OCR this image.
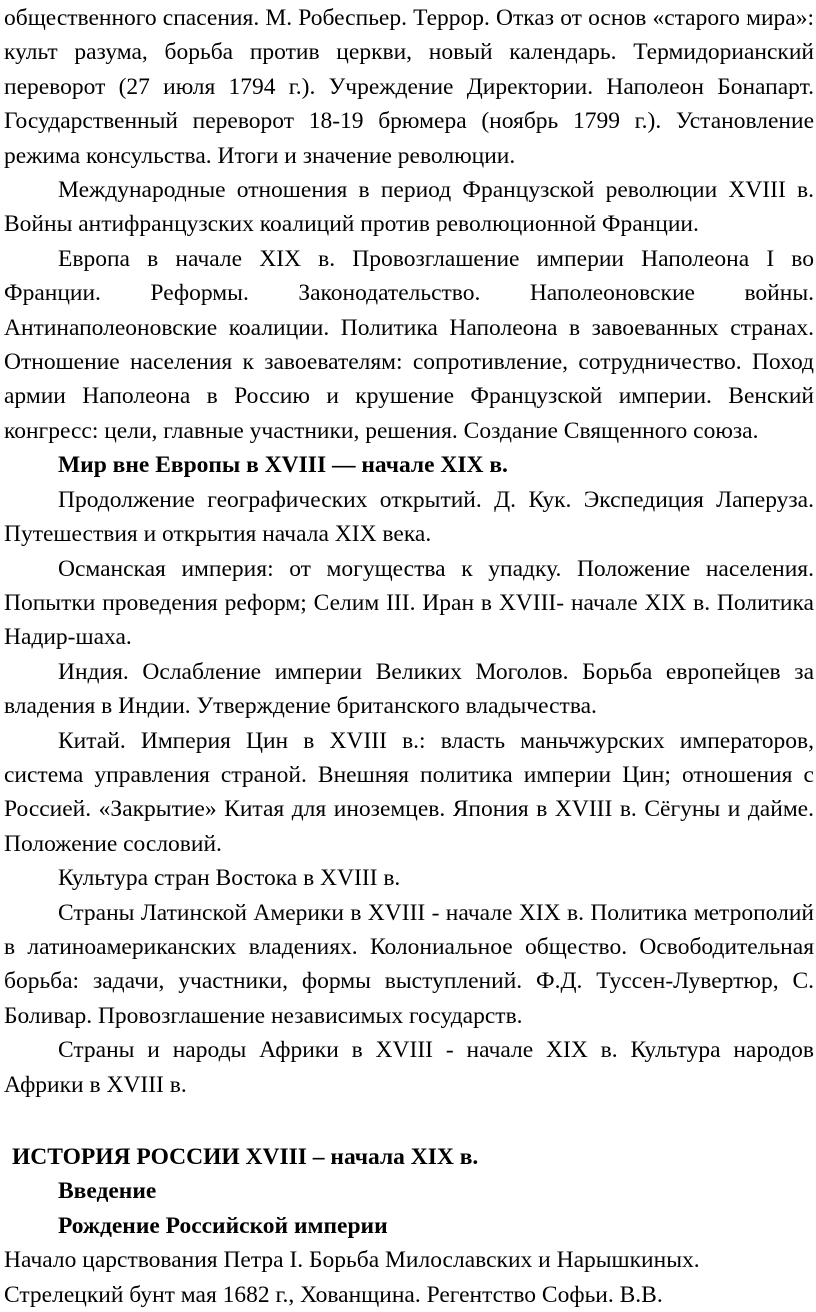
общественного спасения. М. Робеспьер. Террор. Отказ от основ «старого мира»: культ разума, борьба против церкви, новый календарь. Термидорианский переворот (27 июля 1794 г.). Учреждение Директории. Наполеон Бонапарт. Государственный переворот 18-19 брюмера (ноябрь 1799 г.). Установление режима консульства. Итоги и значение революции.

Международные отношения в период Французской революции XVIII в. Войны антифранцузских коалиций против революционной Франции.

Европа в начале XIX в. Провозглашение империи Наполеона I во Франции. Реформы. Законодательство. Наполеоновские войны. Антинаполеоновские коалиции. Политика Наполеона в завоеванных странах. Отношение населения к завоевателям: сопротивление, сотрудничество. Поход армии Наполеона в Россию и крушение Французской империи. Венский конгресс: цели, главные участники, решения. Создание Священного союза.

Мир вне Европы в XVIII — начале XIX в.

Продолжение географических открытий. Д. Кук. Экспедиция Лаперуза. Путешествия и открытия начала XIX века.

Османская империя: от могущества к упадку. Положение населения. Попытки проведения реформ; Селим III. Иран в XVIII- начале XIX в. Политика Надир-шаха.

Индия. Ослабление империи Великих Моголов. Борьба европейцев за владения в Индии. Утверждение британского владычества.

Китай. Империя Цин в XVIII в.: власть маньчжурских императоров, система управления страной. Внешняя политика империи Цин; отношения с Россией. «Закрытие» Китая для иноземцев. Япония в XVIII в. Сёгуны и дайме. Положение сословий.

Культура стран Востока в XVIII в.

Страны Латинской Америки в XVIII - начале XIX в. Политика метрополий в латиноамериканских владениях. Колониальное общество. Освободительная борьба: задачи, участники, формы выступлений. Ф.Д. Туссен-Лувертюр, С. Боливар. Провозглашение независимых государств.

Страны и народы Африки в XVIII - начале XIX в. Культура народов Африки в XVIII в.

ИСТОРИЯ РОССИИ XVIII – начала XIX в.

Введение

Рождение Российской империи

Начало царствования Петра I. Борьба Милославских и Нарышкиных.

Стрелецкий бунт мая 1682 г., Хованщина. Регентство Софьи. В.В.
